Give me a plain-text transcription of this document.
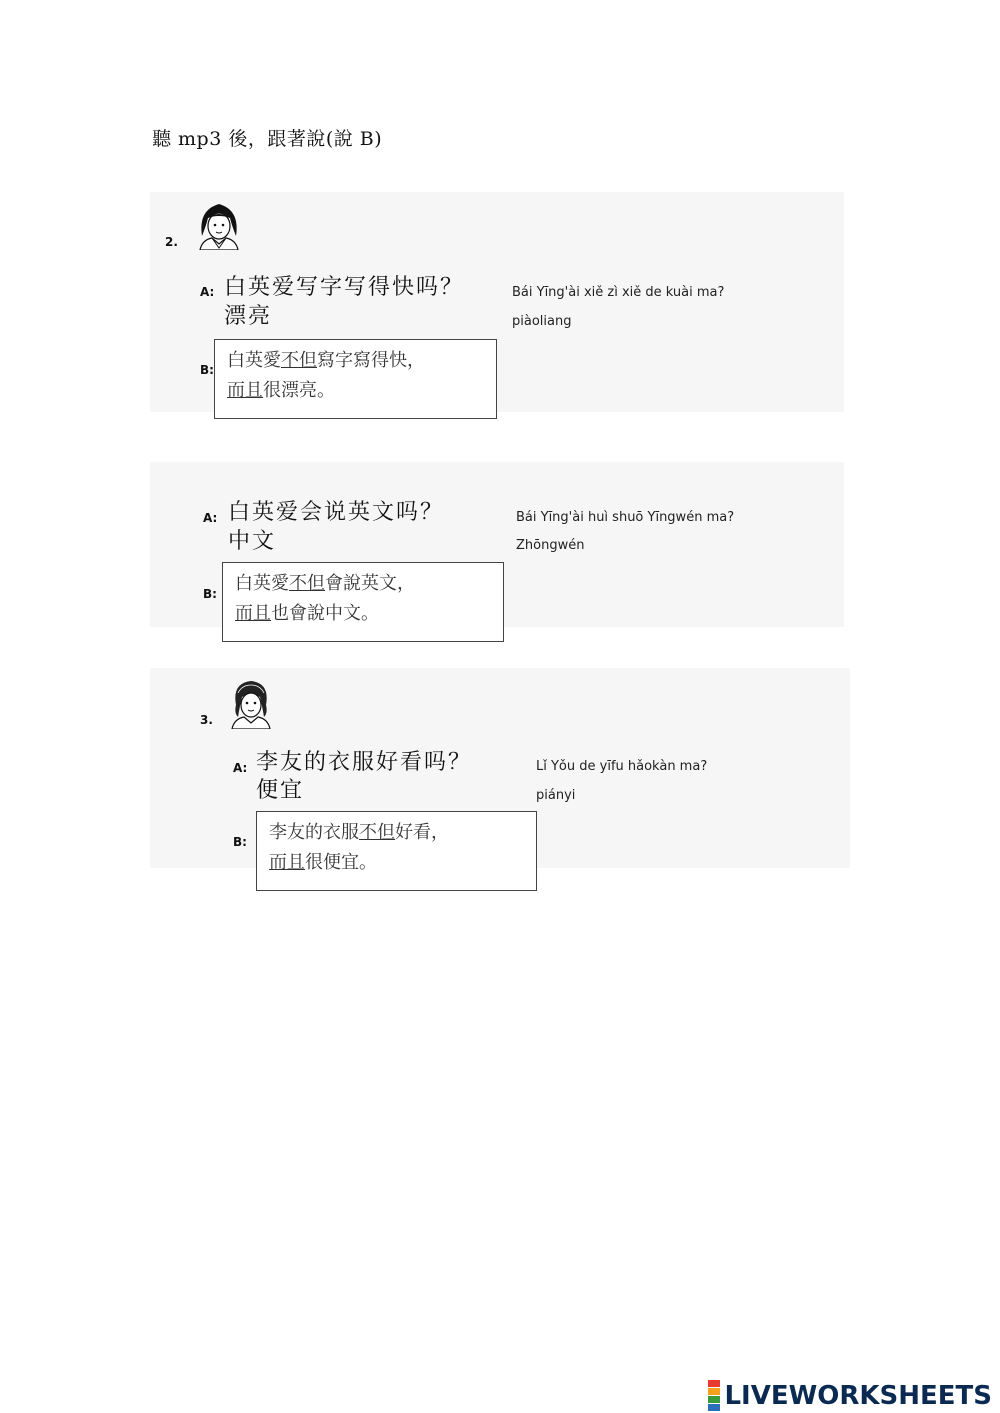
聽 mp3 後，跟著說(說 B)
2.
A: 白英爱写字写得快吗？
漂亮
Bái Yīng'ài xiě zì xiě de kuài ma?
piàoliang
B: 白英愛不但寫字寫得快，
而且很漂亮。
A: 白英爱会说英文吗？
中文
Bái Yīng'ài huì shuō Yīngwén ma?
Zhōngwén
B: 白英愛不但會說英文，
而且也會說中文。
3.
A: 李友的衣服好看吗？
便宜
Lǐ Yǒu de yīfu hǎokàn ma?
piányi
B: 李友的衣服不但好看，
而且很便宜。
LIVEWORKSHEETS
